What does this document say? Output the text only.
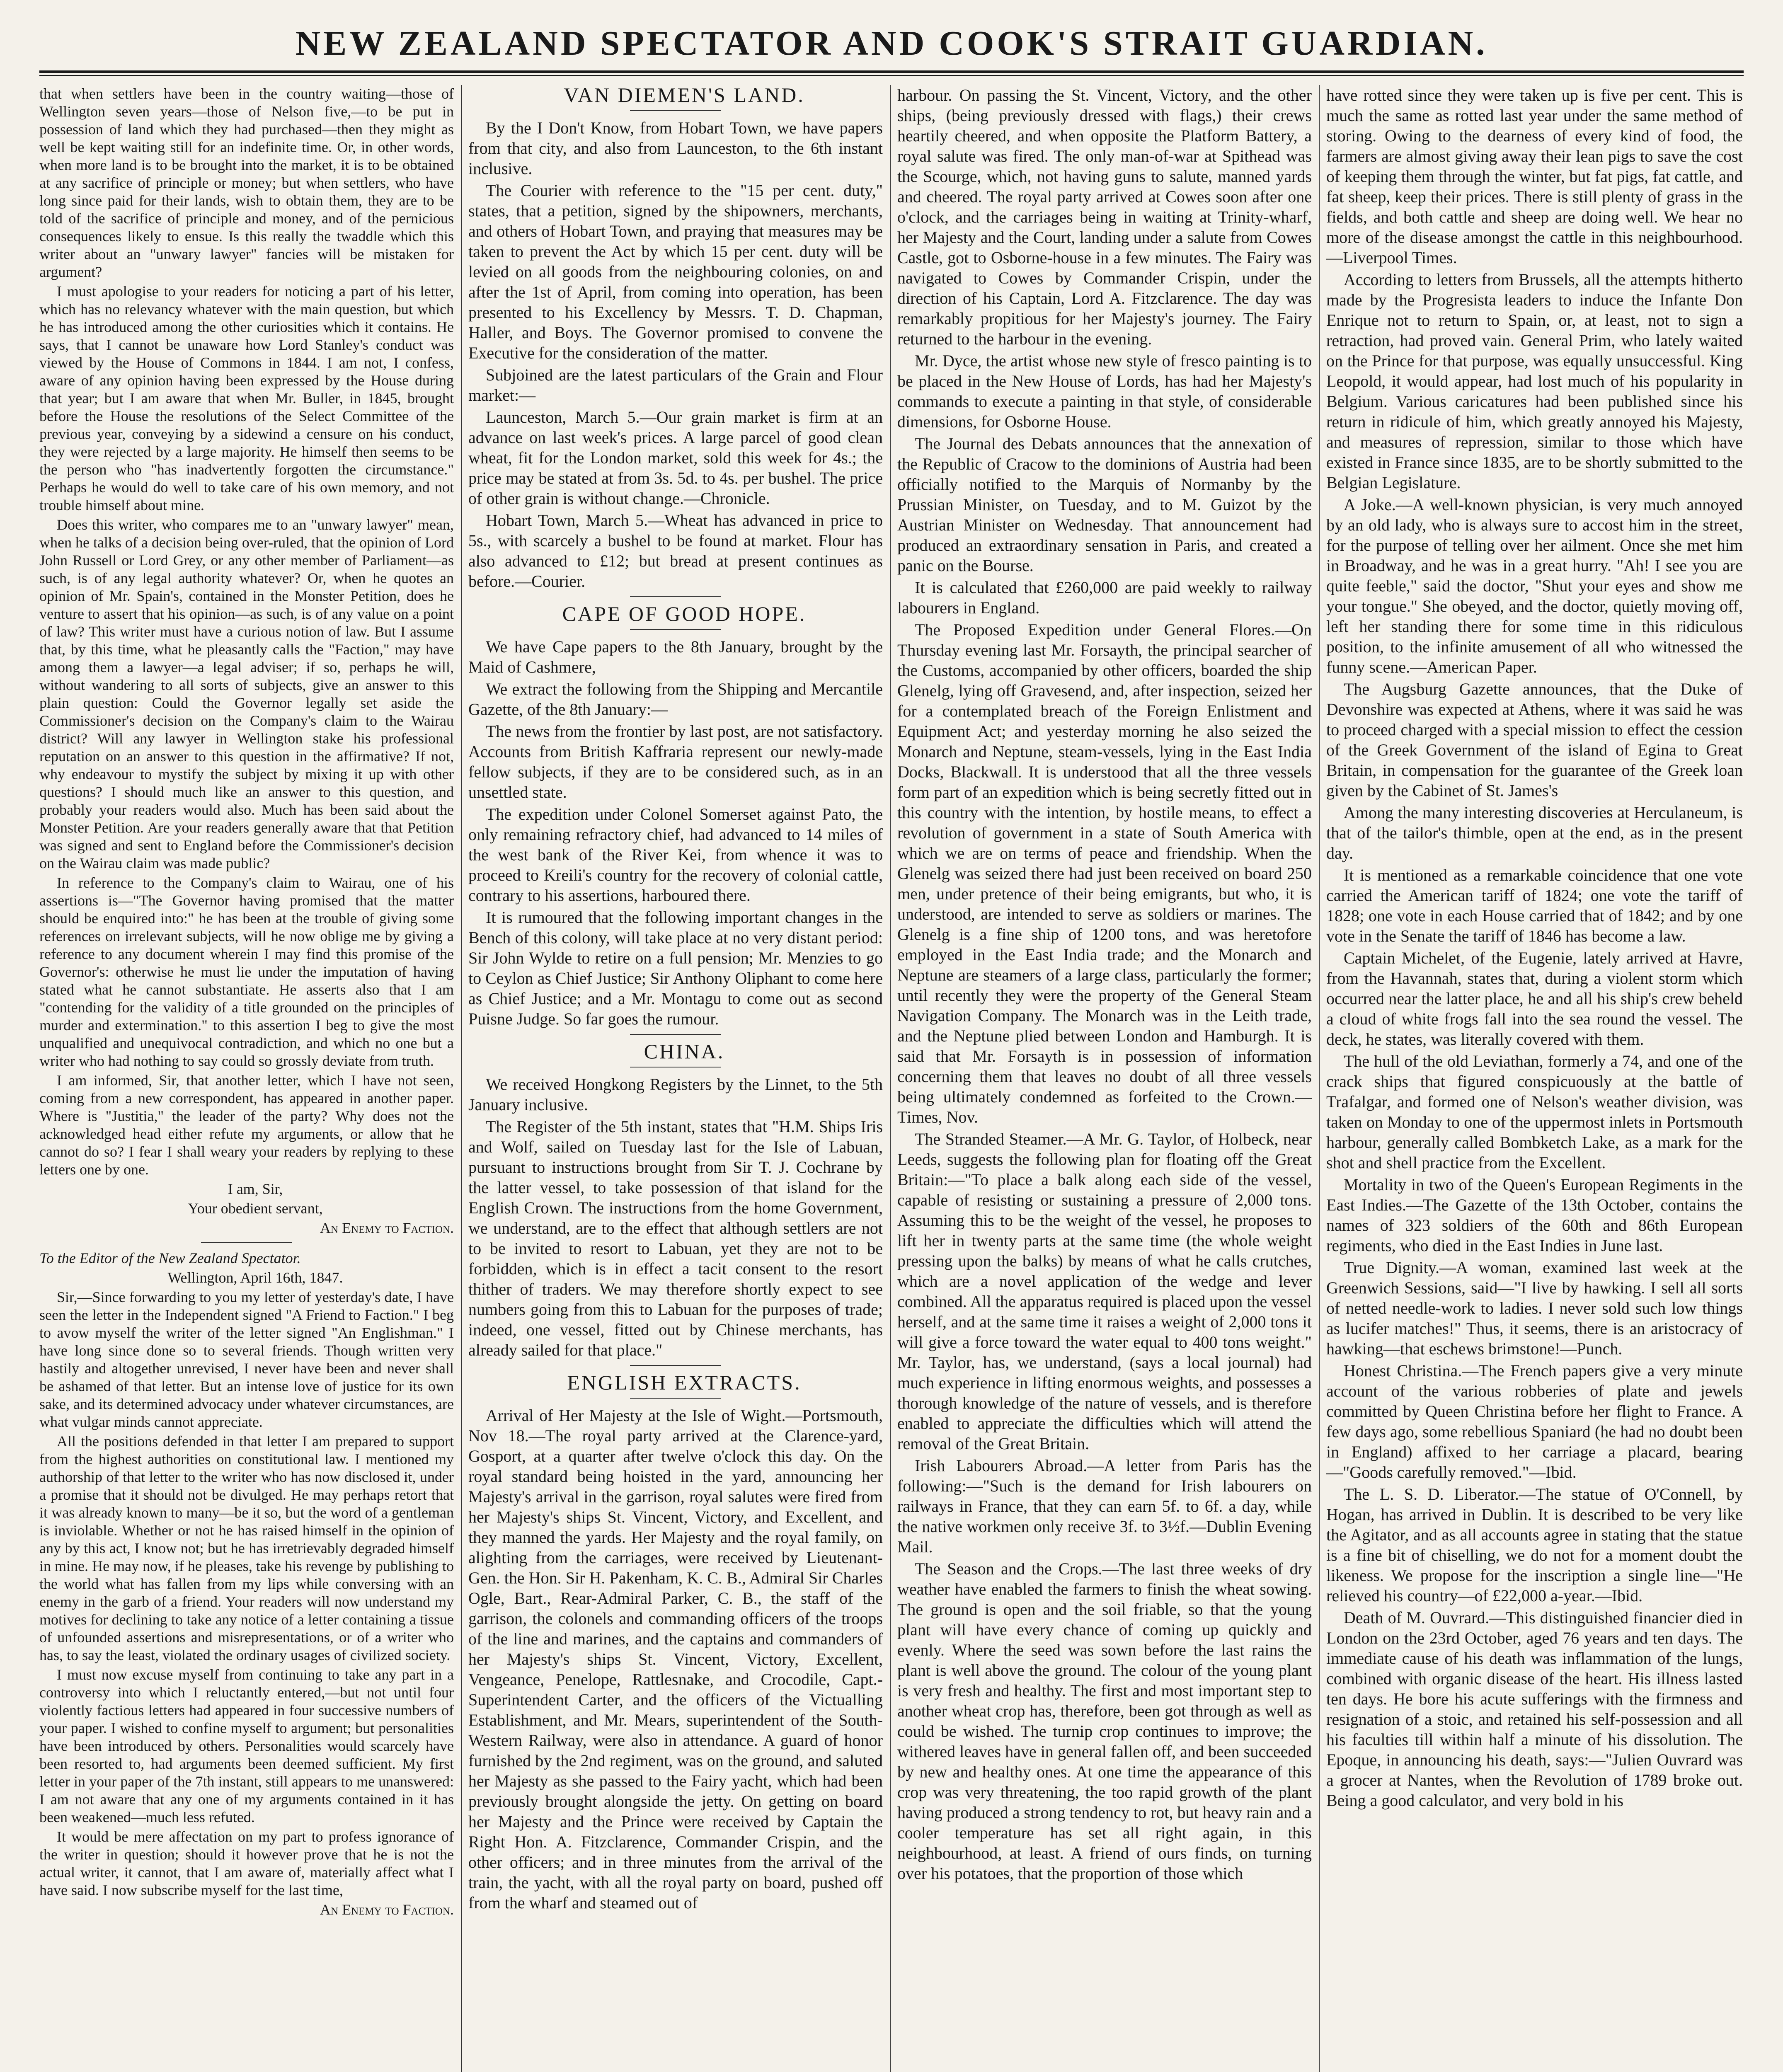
NEW ZEALAND SPECTATOR AND COOK'S STRAIT GUARDIAN.

that when settlers have been in the country waiting—those of Wellington seven years—those of Nelson five,—to be put in possession of land which they had purchased—then they might as well be kept waiting still for an indefinite time. Or, in other words, when more land is to be brought into the market, it is to be obtained at any sacrifice of principle or money; but when settlers, who have long since paid for their lands, wish to obtain them, they are to be told of the sacrifice of principle and money, and of the pernicious consequences likely to ensue. Is this really the twaddle which this writer about an "unwary lawyer" fancies will be mistaken for argument?

I must apologise to your readers for noticing a part of his letter, which has no relevancy whatever with the main question, but which he has introduced among the other curiosities which it contains. He says, that I cannot be unaware how Lord Stanley's conduct was viewed by the House of Commons in 1844. I am not, I confess, aware of any opinion having been expressed by the House during that year; but I am aware that when Mr. Buller, in 1845, brought before the House the resolutions of the Select Committee of the previous year, conveying by a sidewind a censure on his conduct, they were rejected by a large majority. He himself then seems to be the person who "has inadvertently forgotten the circumstance." Perhaps he would do well to take care of his own memory, and not trouble himself about mine.

Does this writer, who compares me to an "unwary lawyer" mean, when he talks of a decision being over-ruled, that the opinion of Lord John Russell or Lord Grey, or any other member of Parliament—as such, is of any legal authority whatever? Or, when he quotes an opinion of Mr. Spain's, contained in the Monster Petition, does he venture to assert that his opinion—as such, is of any value on a point of law? This writer must have a curious notion of law. But I assume that, by this time, what he pleasantly calls the "Faction," may have among them a lawyer—a legal adviser; if so, perhaps he will, without wandering to all sorts of subjects, give an answer to this plain question: Could the Governor legally set aside the Commissioner's decision on the Company's claim to the Wairau district? Will any lawyer in Wellington stake his professional reputation on an answer to this question in the affirmative? If not, why endeavour to mystify the subject by mixing it up with other questions? I should much like an answer to this question, and probably your readers would also. Much has been said about the Monster Petition. Are your readers generally aware that that Petition was signed and sent to England before the Commissioner's decision on the Wairau claim was made public?

In reference to the Company's claim to Wairau, one of his assertions is—"The Governor having promised that the matter should be enquired into:" he has been at the trouble of giving some references on irrelevant subjects, will he now oblige me by giving a reference to any document wherein I may find this promise of the Governor's: otherwise he must lie under the imputation of having stated what he cannot substantiate. He asserts also that I am "contending for the validity of a title grounded on the principles of murder and extermination." to this assertion I beg to give the most unqualified and unequivocal contradiction, and which no one but a writer who had nothing to say could so grossly deviate from truth.

I am informed, Sir, that another letter, which I have not seen, coming from a new correspondent, has appeared in another paper. Where is "Justitia," the leader of the party? Why does not the acknowledged head either refute my arguments, or allow that he cannot do so? I fear I shall weary your readers by replying to these letters one by one.

I am, Sir,

Your obedient servant,

An Enemy to Faction.

To the Editor of the New Zealand Spectator.

Wellington, April 16th, 1847.

Sir,—Since forwarding to you my letter of yesterday's date, I have seen the letter in the Independent signed "A Friend to Faction." I beg to avow myself the writer of the letter signed "An Englishman." I have long since done so to several friends. Though written very hastily and altogether unrevised, I never have been and never shall be ashamed of that letter. But an intense love of justice for its own sake, and its determined advocacy under whatever circumstances, are what vulgar minds cannot appreciate.

All the positions defended in that letter I am prepared to support from the highest authorities on constitutional law. I mentioned my authorship of that letter to the writer who has now disclosed it, under a promise that it should not be divulged. He may perhaps retort that it was already known to many—be it so, but the word of a gentleman is inviolable. Whether or not he has raised himself in the opinion of any by this act, I know not; but he has irretrievably degraded himself in mine. He may now, if he pleases, take his revenge by publishing to the world what has fallen from my lips while conversing with an enemy in the garb of a friend. Your readers will now understand my motives for declining to take any notice of a letter containing a tissue of unfounded assertions and misrepresentations, or of a writer who has, to say the least, violated the ordinary usages of civilized society.

I must now excuse myself from continuing to take any part in a controversy into which I reluctantly entered,—but not until four violently factious letters had appeared in four successive numbers of your paper. I wished to confine myself to argument; but personalities have been introduced by others. Personalities would scarcely have been resorted to, had arguments been deemed sufficient. My first letter in your paper of the 7th instant, still appears to me unanswered: I am not aware that any one of my arguments contained in it has been weakened—much less refuted.

It would be mere affectation on my part to profess ignorance of the writer in question; should it however prove that he is not the actual writer, it cannot, that I am aware of, materially affect what I have said. I now subscribe myself for the last time,

An Enemy to Faction.

VAN DIEMEN'S LAND.

By the I Don't Know, from Hobart Town, we have papers from that city, and also from Launceston, to the 6th instant inclusive.

The Courier with reference to the "15 per cent. duty," states, that a petition, signed by the shipowners, merchants, and others of Hobart Town, and praying that measures may be taken to prevent the Act by which 15 per cent. duty will be levied on all goods from the neighbouring colonies, on and after the 1st of April, from coming into operation, has been presented to his Excellency by Messrs. T. D. Chapman, Haller, and Boys. The Governor promised to convene the Executive for the consideration of the matter.

Subjoined are the latest particulars of the Grain and Flour market:—

Launceston, March 5.—Our grain market is firm at an advance on last week's prices. A large parcel of good clean wheat, fit for the London market, sold this week for 4s.; the price may be stated at from 3s. 5d. to 4s. per bushel. The price of other grain is without change.—Chronicle.

Hobart Town, March 5.—Wheat has advanced in price to 5s., with scarcely a bushel to be found at market. Flour has also advanced to £12; but bread at present continues as before.—Courier.

CAPE OF GOOD HOPE.

We have Cape papers to the 8th January, brought by the Maid of Cashmere,

We extract the following from the Shipping and Mercantile Gazette, of the 8th January:—

The news from the frontier by last post, are not satisfactory. Accounts from British Kaffraria represent our newly-made fellow subjects, if they are to be considered such, as in an unsettled state.

The expedition under Colonel Somerset against Pato, the only remaining refractory chief, had advanced to 14 miles of the west bank of the River Kei, from whence it was to proceed to Kreili's country for the recovery of colonial cattle, contrary to his assertions, harboured there.

It is rumoured that the following important changes in the Bench of this colony, will take place at no very distant period: Sir John Wylde to retire on a full pension; Mr. Menzies to go to Ceylon as Chief Justice; Sir Anthony Oliphant to come here as Chief Justice; and a Mr. Montagu to come out as second Puisne Judge. So far goes the rumour.

CHINA.

We received Hongkong Registers by the Linnet, to the 5th January inclusive.

The Register of the 5th instant, states that "H.M. Ships Iris and Wolf, sailed on Tuesday last for the Isle of Labuan, pursuant to instructions brought from Sir T. J. Cochrane by the latter vessel, to take possession of that island for the English Crown. The instructions from the home Government, we understand, are to the effect that although settlers are not to be invited to resort to Labuan, yet they are not to be forbidden, which is in effect a tacit consent to the resort thither of traders. We may therefore shortly expect to see numbers going from this to Labuan for the purposes of trade; indeed, one vessel, fitted out by Chinese merchants, has already sailed for that place."

ENGLISH EXTRACTS.

Arrival of Her Majesty at the Isle of Wight.—Portsmouth, Nov 18.—The royal party arrived at the Clarence-yard, Gosport, at a quarter after twelve o'clock this day. On the royal standard being hoisted in the yard, announcing her Majesty's arrival in the garrison, royal salutes were fired from her Majesty's ships St. Vincent, Victory, and Excellent, and they manned the yards. Her Majesty and the royal family, on alighting from the carriages, were received by Lieutenant-Gen. the Hon. Sir H. Pakenham, K. C. B., Admiral Sir Charles Ogle, Bart., Rear-Admiral Parker, C. B., the staff of the garrison, the colonels and commanding officers of the troops of the line and marines, and the captains and commanders of her Majesty's ships St. Vincent, Victory, Excellent, Vengeance, Penelope, Rattlesnake, and Crocodile, Capt.-Superintendent Carter, and the officers of the Victualling Establishment, and Mr. Mears, superintendent of the South-Western Railway, were also in attendance. A guard of honor furnished by the 2nd regiment, was on the ground, and saluted her Majesty as she passed to the Fairy yacht, which had been previously brought alongside the jetty. On getting on board her Majesty and the Prince were received by Captain the Right Hon. A. Fitzclarence, Commander Crispin, and the other officers; and in three minutes from the arrival of the train, the yacht, with all the royal party on board, pushed off from the wharf and steamed out of

harbour. On passing the St. Vincent, Victory, and the other ships, (being previously dressed with flags,) their crews heartily cheered, and when opposite the Platform Battery, a royal salute was fired. The only man-of-war at Spithead was the Scourge, which, not having guns to salute, manned yards and cheered. The royal party arrived at Cowes soon after one o'clock, and the carriages being in waiting at Trinity-wharf, her Majesty and the Court, landing under a salute from Cowes Castle, got to Osborne-house in a few minutes. The Fairy was navigated to Cowes by Commander Crispin, under the direction of his Captain, Lord A. Fitzclarence. The day was remarkably propitious for her Majesty's journey. The Fairy returned to the harbour in the evening.

Mr. Dyce, the artist whose new style of fresco painting is to be placed in the New House of Lords, has had her Majesty's commands to execute a painting in that style, of considerable dimensions, for Osborne House.

The Journal des Debats announces that the annexation of the Republic of Cracow to the dominions of Austria had been officially notified to the Marquis of Normanby by the Prussian Minister, on Tuesday, and to M. Guizot by the Austrian Minister on Wednesday. That announcement had produced an extraordinary sensation in Paris, and created a panic on the Bourse.

It is calculated that £260,000 are paid weekly to railway labourers in England.

The Proposed Expedition under General Flores.—On Thursday evening last Mr. Forsayth, the principal searcher of the Customs, accompanied by other officers, boarded the ship Glenelg, lying off Gravesend, and, after inspection, seized her for a contemplated breach of the Foreign Enlistment and Equipment Act; and yesterday morning he also seized the Monarch and Neptune, steam-vessels, lying in the East India Docks, Blackwall. It is understood that all the three vessels form part of an expedition which is being secretly fitted out in this country with the intention, by hostile means, to effect a revolution of government in a state of South America with which we are on terms of peace and friendship. When the Glenelg was seized there had just been received on board 250 men, under pretence of their being emigrants, but who, it is understood, are intended to serve as soldiers or marines. The Glenelg is a fine ship of 1200 tons, and was heretofore employed in the East India trade; and the Monarch and Neptune are steamers of a large class, particularly the former; until recently they were the property of the General Steam Navigation Company. The Monarch was in the Leith trade, and the Neptune plied between London and Hamburgh. It is said that Mr. Forsayth is in possession of information concerning them that leaves no doubt of all three vessels being ultimately condemned as forfeited to the Crown.—Times, Nov.

The Stranded Steamer.—A Mr. G. Taylor, of Holbeck, near Leeds, suggests the following plan for floating off the Great Britain:—"To place a balk along each side of the vessel, capable of resisting or sustaining a pressure of 2,000 tons. Assuming this to be the weight of the vessel, he proposes to lift her in twenty parts at the same time (the whole weight pressing upon the balks) by means of what he calls crutches, which are a novel application of the wedge and lever combined. All the apparatus required is placed upon the vessel herself, and at the same time it raises a weight of 2,000 tons it will give a force toward the water equal to 400 tons weight." Mr. Taylor, has, we understand, (says a local journal) had much experience in lifting enormous weights, and possesses a thorough knowledge of the nature of vessels, and is therefore enabled to appreciate the difficulties which will attend the removal of the Great Britain.

Irish Labourers Abroad.—A letter from Paris has the following:—"Such is the demand for Irish labourers on railways in France, that they can earn 5f. to 6f. a day, while the native workmen only receive 3f. to 3½f.—Dublin Evening Mail.

The Season and the Crops.—The last three weeks of dry weather have enabled the farmers to finish the wheat sowing. The ground is open and the soil friable, so that the young plant will have every chance of coming up quickly and evenly. Where the seed was sown before the last rains the plant is well above the ground. The colour of the young plant is very fresh and healthy. The first and most important step to another wheat crop has, therefore, been got through as well as could be wished. The turnip crop continues to improve; the withered leaves have in general fallen off, and been succeeded by new and healthy ones. At one time the appearance of this crop was very threatening, the too rapid growth of the plant having produced a strong tendency to rot, but heavy rain and a cooler temperature has set all right again, in this neighbourhood, at least. A friend of ours finds, on turning over his potatoes, that the proportion of those which

have rotted since they were taken up is five per cent. This is much the same as rotted last year under the same method of storing. Owing to the dearness of every kind of food, the farmers are almost giving away their lean pigs to save the cost of keeping them through the winter, but fat pigs, fat cattle, and fat sheep, keep their prices. There is still plenty of grass in the fields, and both cattle and sheep are doing well. We hear no more of the disease amongst the cattle in this neighbourhood.—Liverpool Times.

According to letters from Brussels, all the attempts hitherto made by the Progresista leaders to induce the Infante Don Enrique not to return to Spain, or, at least, not to sign a retraction, had proved vain. General Prim, who lately waited on the Prince for that purpose, was equally unsuccessful. King Leopold, it would appear, had lost much of his popularity in Belgium. Various caricatures had been published since his return in ridicule of him, which greatly annoyed his Majesty, and measures of repression, similar to those which have existed in France since 1835, are to be shortly submitted to the Belgian Legislature.

A Joke.—A well-known physician, is very much annoyed by an old lady, who is always sure to accost him in the street, for the purpose of telling over her ailment. Once she met him in Broadway, and he was in a great hurry. "Ah! I see you are quite feeble," said the doctor, "Shut your eyes and show me your tongue." She obeyed, and the doctor, quietly moving off, left her standing there for some time in this ridiculous position, to the infinite amusement of all who witnessed the funny scene.—American Paper.

The Augsburg Gazette announces, that the Duke of Devonshire was expected at Athens, where it was said he was to proceed charged with a special mission to effect the cession of the Greek Government of the island of Egina to Great Britain, in compensation for the guarantee of the Greek loan given by the Cabinet of St. James's

Among the many interesting discoveries at Herculaneum, is that of the tailor's thimble, open at the end, as in the present day.

It is mentioned as a remarkable coincidence that one vote carried the American tariff of 1824; one vote the tariff of 1828; one vote in each House carried that of 1842; and by one vote in the Senate the tariff of 1846 has become a law.

Captain Michelet, of the Eugenie, lately arrived at Havre, from the Havannah, states that, during a violent storm which occurred near the latter place, he and all his ship's crew beheld a cloud of white frogs fall into the sea round the vessel. The deck, he states, was literally covered with them.

The hull of the old Leviathan, formerly a 74, and one of the crack ships that figured conspicuously at the battle of Trafalgar, and formed one of Nelson's weather division, was taken on Monday to one of the uppermost inlets in Portsmouth harbour, generally called Bombketch Lake, as a mark for the shot and shell practice from the Excellent.

Mortality in two of the Queen's European Regiments in the East Indies.—The Gazette of the 13th October, contains the names of 323 soldiers of the 60th and 86th European regiments, who died in the East Indies in June last.

True Dignity.—A woman, examined last week at the Greenwich Sessions, said—"I live by hawking. I sell all sorts of netted needle-work to ladies. I never sold such low things as lucifer matches!" Thus, it seems, there is an aristocracy of hawking—that eschews brimstone!—Punch.

Honest Christina.—The French papers give a very minute account of the various robberies of plate and jewels committed by Queen Christina before her flight to France. A few days ago, some rebellious Spaniard (he had no doubt been in England) affixed to her carriage a placard, bearing—"Goods carefully removed."—Ibid.

The L. S. D. Liberator.—The statue of O'Connell, by Hogan, has arrived in Dublin. It is described to be very like the Agitator, and as all accounts agree in stating that the statue is a fine bit of chiselling, we do not for a moment doubt the likeness. We propose for the inscription a single line—"He relieved his country—of £22,000 a-year.—Ibid.

Death of M. Ouvrard.—This distinguished financier died in London on the 23rd October, aged 76 years and ten days. The immediate cause of his death was inflammation of the lungs, combined with organic disease of the heart. His illness lasted ten days. He bore his acute sufferings with the firmness and resignation of a stoic, and retained his self-possession and all his faculties till within half a minute of his dissolution. The Epoque, in announcing his death, says:—"Julien Ouvrard was a grocer at Nantes, when the Revolution of 1789 broke out. Being a good calculator, and very bold in his
